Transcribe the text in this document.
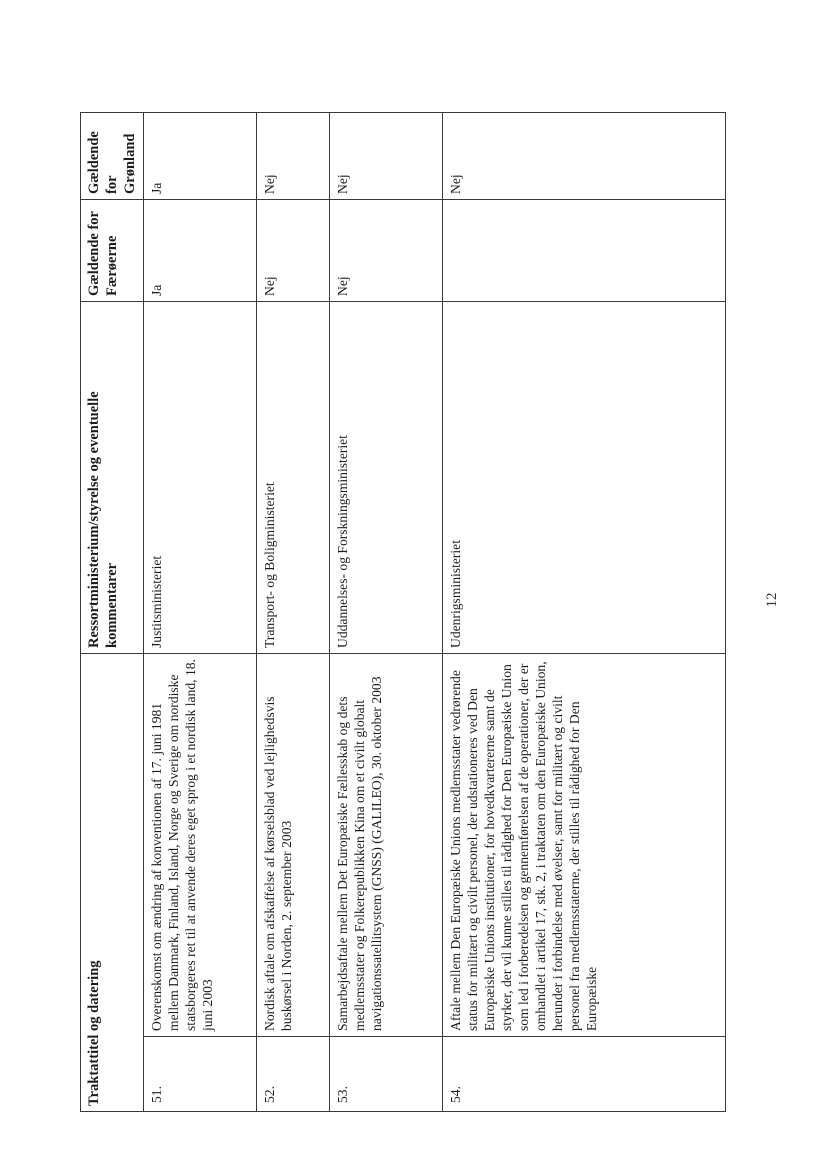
Traktattitel og datering		Ressortministerium/styrelse og eventuelle kommentarer	Gældende for Færøerne	Gældende for Grønland
51.	Overenskomst om ændring af konventionen af 17. juni 1981 mellem Danmark, Finland, Island, Norge og Sverige om nordiske statsborgeres ret til at anvende deres eget sprog i et nordisk land, 18. juni 2003	Justitsministeriet	Ja	Ja
52.	Nordisk aftale om afskaffelse af kørselsblad ved lejlighedsvis buskørsel i Norden, 2. september 2003	Transport- og Boligministeriet	Nej	Nej
53.	Samarbejdsaftale mellem Det Europæiske Fællesskab og dets medlemsstater og Folkerepublikken Kina om et civilt globalt navigationssatellitsystem (GNSS) (GALILEO), 30. oktober 2003	Uddannelses- og Forskningsministeriet	Nej	Nej
54.	Aftale mellem Den Europæiske Unions medlemsstater vedrørende status for militært og civilt personel, der udstationeres ved Den Europæiske Unions institutioner, for hovedkvartererne samt de styrker, der vil kunne stilles til rådighed for Den Europæiske Union som led i forberedelsen og gennemførelsen af de operationer, der er omhandlet i artikel 17, stk. 2, i traktaten om den Europæiske Union, herunder i forbindelse med øvelser, samt for militært og civilt personel fra medlemsstaterne, der stilles til rådighed for Den Europæiske	Udenrigsministeriet		Nej
12
